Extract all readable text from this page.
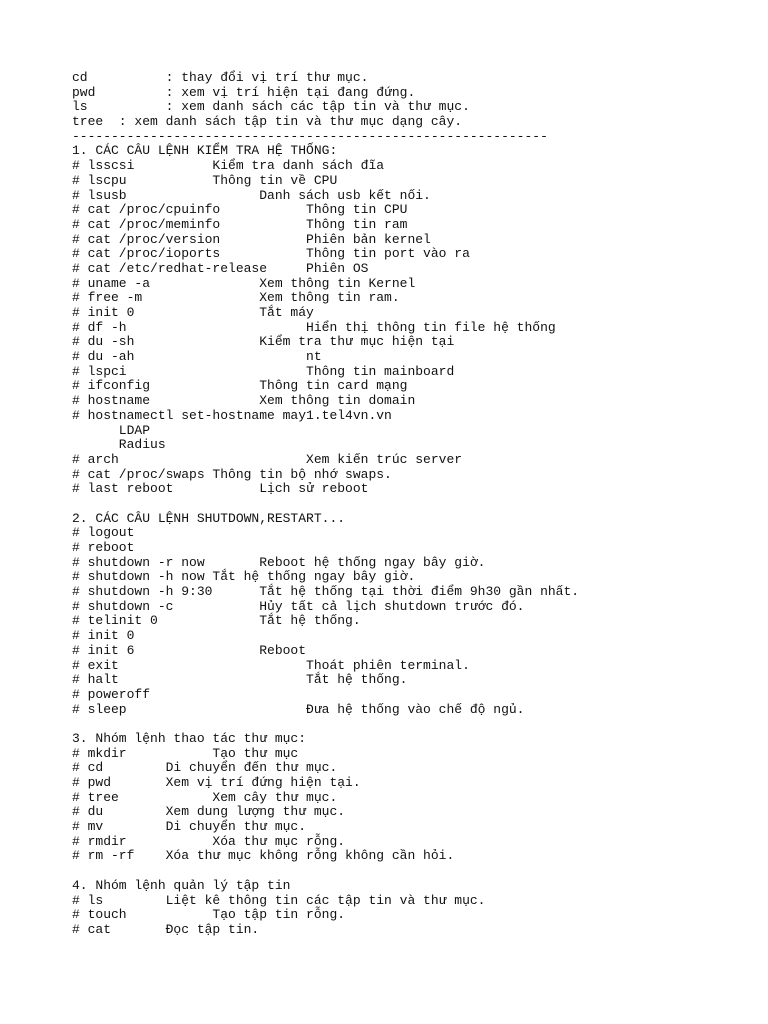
cd          : thay đổi vị trí thư mục.
pwd         : xem vị trí hiện tại đang đứng.
ls          : xem danh sách các tập tin và thư mục.
tree  : xem danh sách tập tin và thư mục dạng cây.
-------------------------------------------------------------
1. CÁC CÂU LỆNH KIỂM TRA HỆ THỐNG:
# lsscsi          Kiểm tra danh sách đĩa
# lscpu           Thông tin về CPU
# lsusb                 Danh sách usb kết nối.
# cat /proc/cpuinfo           Thông tin CPU
# cat /proc/meminfo           Thông tin ram
# cat /proc/version           Phiên bản kernel
# cat /proc/ioports           Thông tin port vào ra
# cat /etc/redhat-release     Phiên OS
# uname -a              Xem thông tin Kernel
# free -m               Xem thông tin ram.
# init 0                Tắt máy
# df -h                       Hiển thị thông tin file hệ thống
# du -sh                Kiểm tra thư mục hiện tại
# du -ah                      nt
# lspci                       Thông tin mainboard
# ifconfig              Thông tin card mạng
# hostname              Xem thông tin domain
# hostnamectl set-hostname may1.tel4vn.vn
LDAP
Radius
# arch                        Xem kiến trúc server
# cat /proc/swaps Thông tin bộ nhớ swaps.
# last reboot           Lịch sử reboot
2. CÁC CÂU LỆNH SHUTDOWN,RESTART...
# logout
# reboot
# shutdown -r now       Reboot hệ thống ngay bây giờ.
# shutdown -h now Tắt hệ thống ngay bây giờ.
# shutdown -h 9:30      Tắt hệ thống tại thời điểm 9h30 gần nhất.
# shutdown -c           Hủy tất cả lịch shutdown trước đó.
# telinit 0             Tắt hệ thống.
# init 0
# init 6                Reboot
# exit                        Thoát phiên terminal.
# halt                        Tắt hệ thống.
# poweroff
# sleep                       Đưa hệ thống vào chế độ ngủ.
3. Nhóm lệnh thao tác thư mục:
# mkdir           Tạo thư mục
# cd        Di chuyển đến thư mục.
# pwd       Xem vị trí đứng hiện tại.
# tree            Xem cây thư mục.
# du        Xem dung lượng thư mục.
# mv        Di chuyển thư mục.
# rmdir           Xóa thư mục rỗng.
# rm -rf    Xóa thư mục không rỗng không cần hỏi.
4. Nhóm lệnh quản lý tập tin
# ls        Liệt kê thông tin các tập tin và thư mục.
# touch           Tạo tập tin rỗng.
# cat       Đọc tập tin.
